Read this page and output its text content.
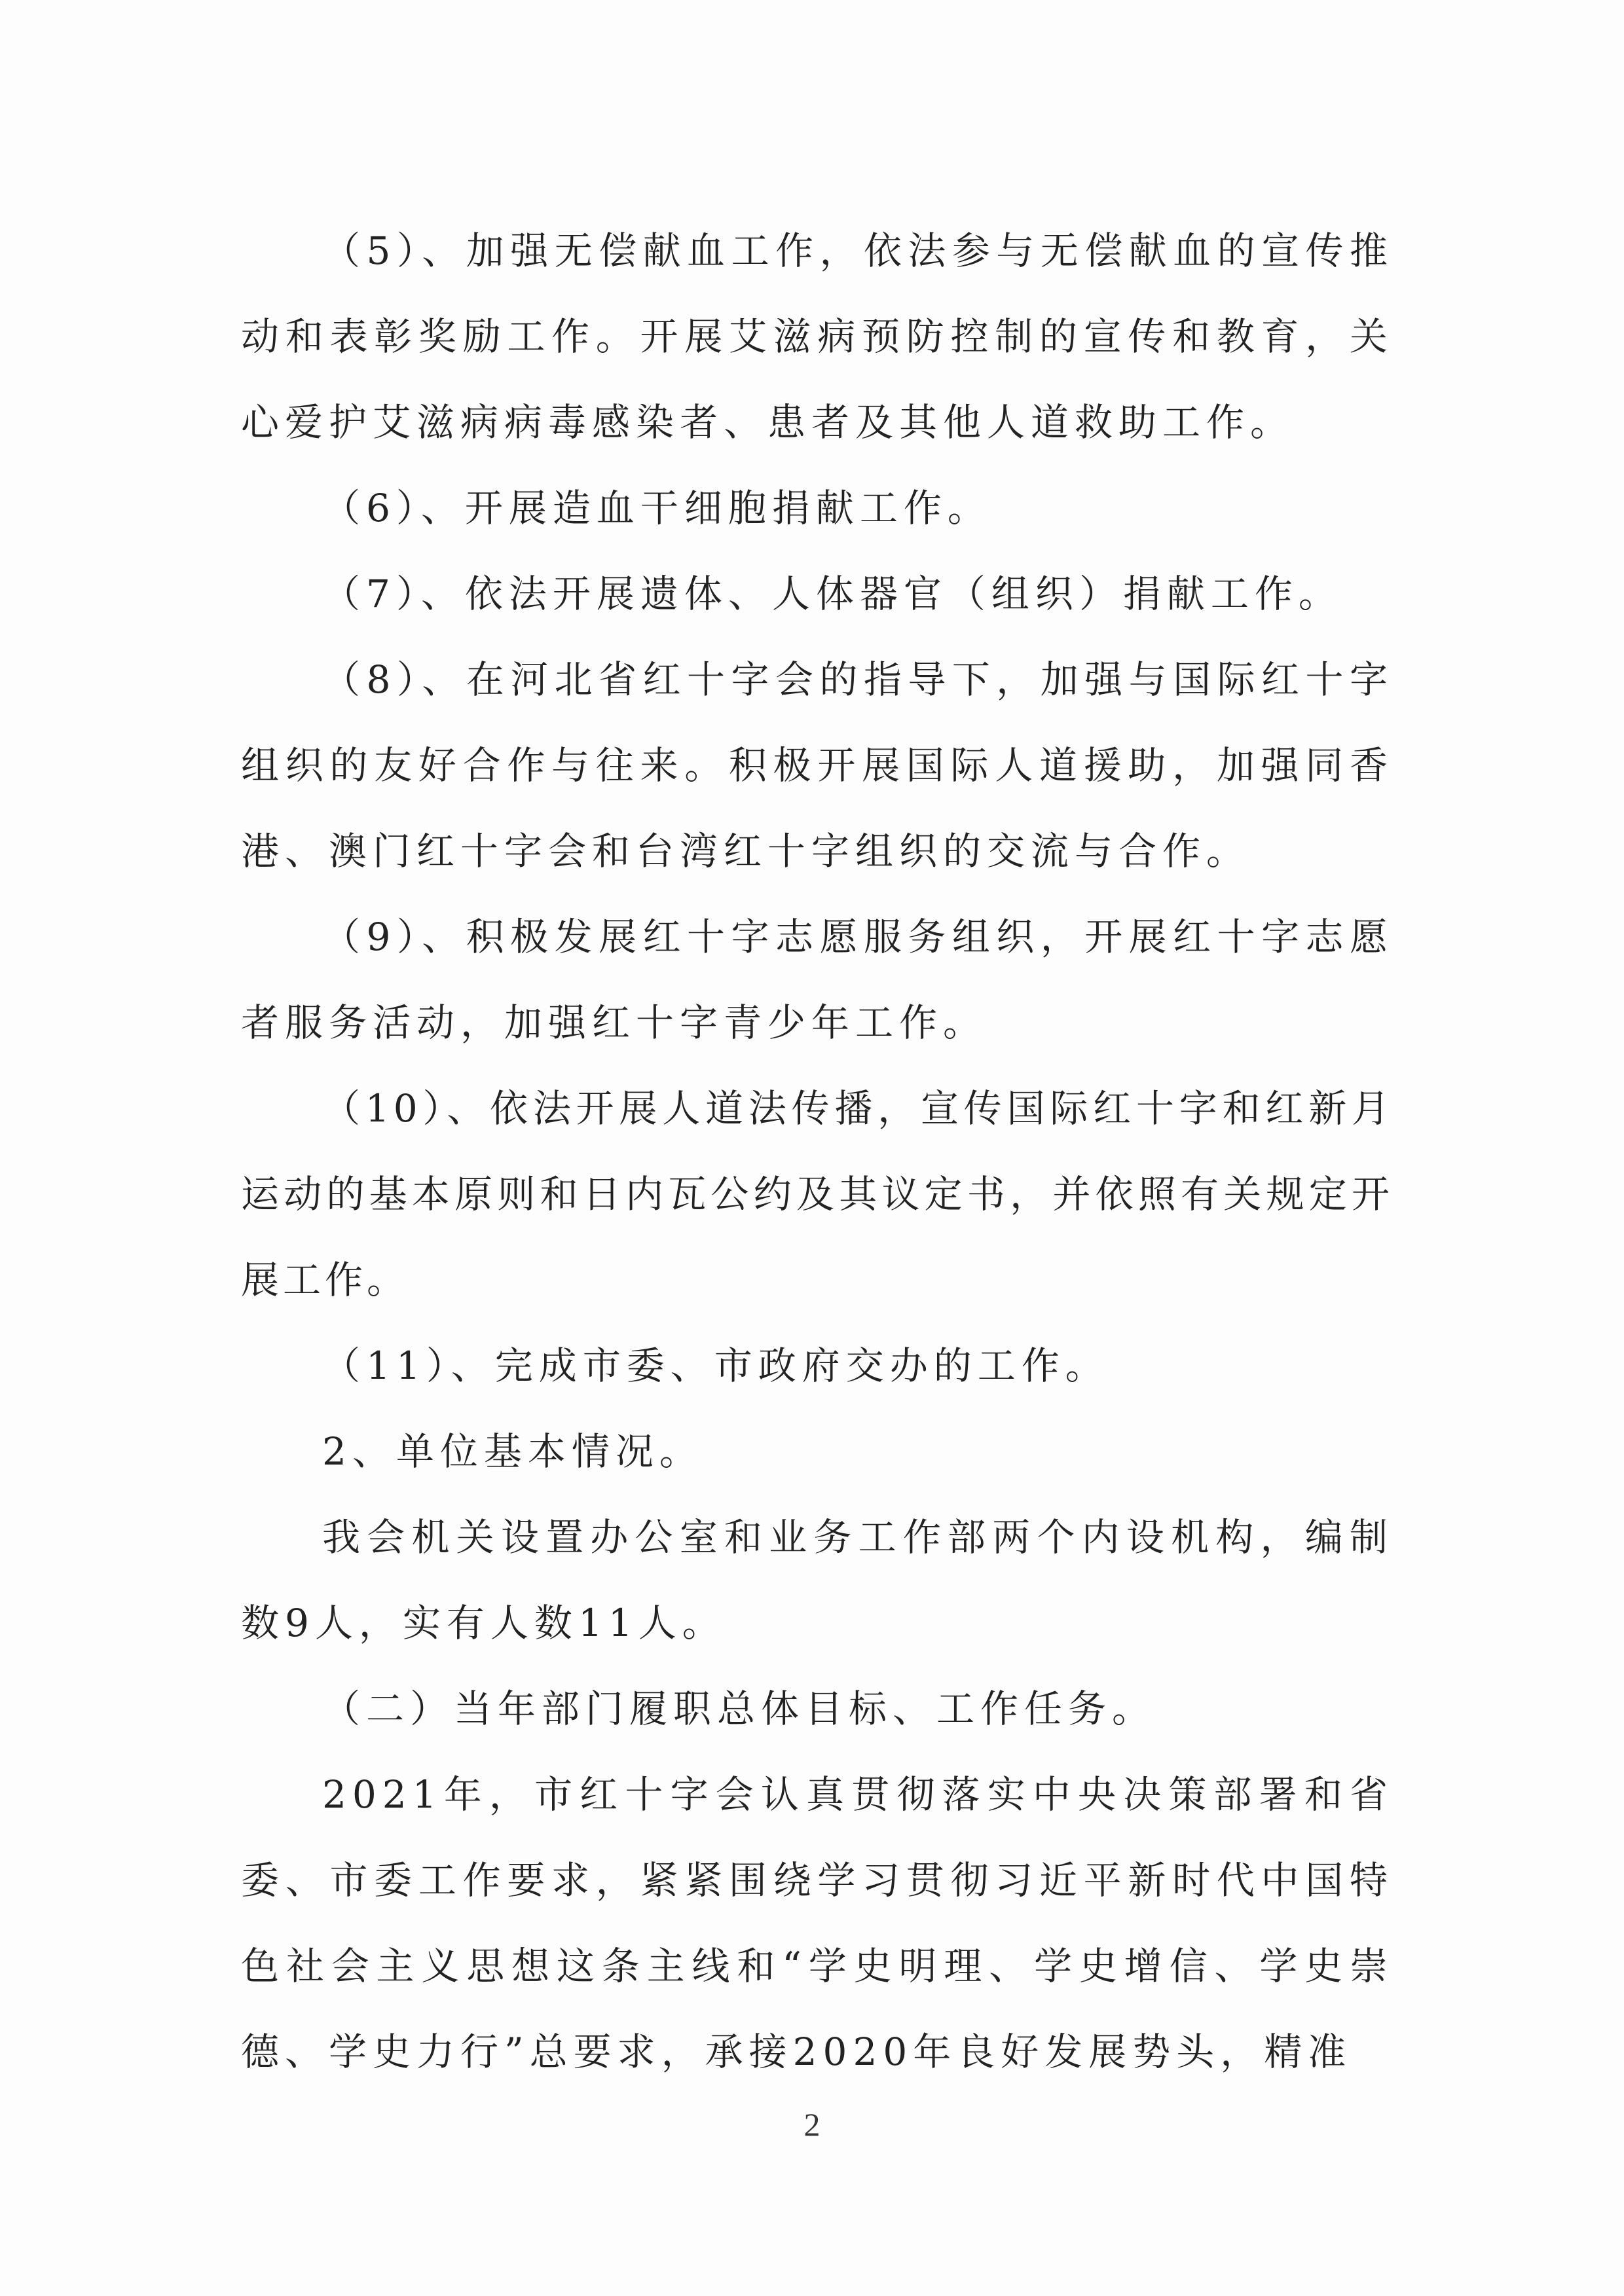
（5）、加强无偿献血工作，依法参与无偿献血的宣传推动和表彰奖励工作。开展艾滋病预防控制的宣传和教育，关心爱护艾滋病病毒感染者、患者及其他人道救助工作。

（6）、开展造血干细胞捐献工作。

（7）、依法开展遗体、人体器官（组织）捐献工作。

（8）、在河北省红十字会的指导下，加强与国际红十字组织的友好合作与往来。积极开展国际人道援助，加强同香港、澳门红十字会和台湾红十字组织的交流与合作。

（9）、积极发展红十字志愿服务组织，开展红十字志愿者服务活动，加强红十字青少年工作。

（10）、依法开展人道法传播，宣传国际红十字和红新月运动的基本原则和日内瓦公约及其议定书，并依照有关规定开展工作。

（11）、完成市委、市政府交办的工作。

2、单位基本情况。

我会机关设置办公室和业务工作部两个内设机构，编制数9人，实有人数11人。

（二）当年部门履职总体目标、工作任务。

2021年，市红十字会认真贯彻落实中央决策部署和省委、市委工作要求，紧紧围绕学习贯彻习近平新时代中国特色社会主义思想这条主线和“学史明理、学史增信、学史崇德、学史力行”总要求，承接2020年良好发展势头，精准

2
